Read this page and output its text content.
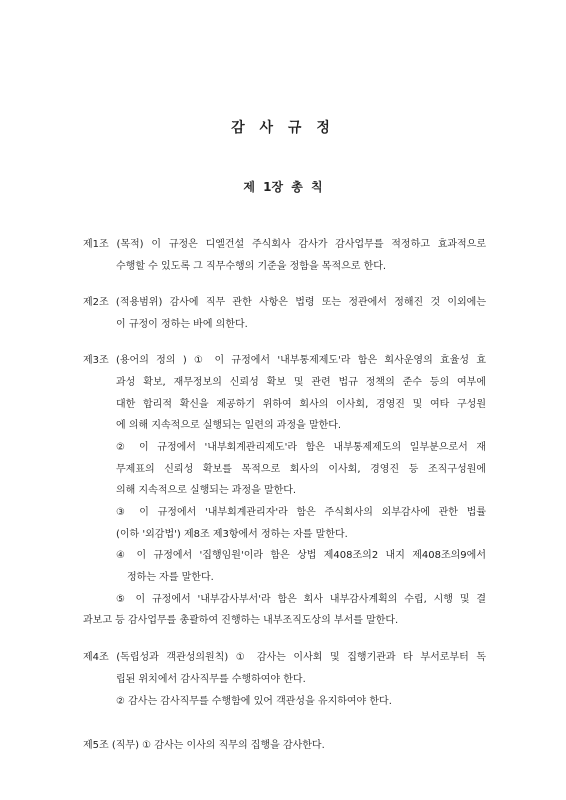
감 사 규 정
제 1장 총 칙
제1조 (목적) 이 규정은 디엘건설 주식회사 감사가 감사업무를 적정하고 효과적으로
수행할 수 있도록 그 직무수행의 기준을 정함을 목적으로 한다.
제2조 (적용범위) 감사에 직무 관한 사항은 법령 또는 정관에서 정해진 것 이외에는
이 규정이 정하는 바에 의한다.
제3조 (용어의 정의 ) ① 이 규정에서 '내부통제제도'라 함은 회사운영의 효율성 효
과성 확보, 재무정보의 신뢰성 확보 및 관련 법규 정책의 준수 등의 여부에
대한 합리적 확신을 제공하기 위하여 회사의 이사회, 경영진 및 여타 구성원
에 의해 지속적으로 실행되는 일련의 과정을 말한다.
② 이 규정에서 '내부회계관리제도'라 함은 내부통제제도의 일부분으로서 재
무제표의 신뢰성 확보를 목적으로 회사의 이사회, 경영진 등 조직구성원에
의해 지속적으로 실행되는 과정을 말한다.
③ 이 규정에서 '내부회계관리자'라 함은 주식회사의 외부감사에 관한 법률
(이하 '외감법') 제8조 제3항에서 정하는 자를 말한다.
④ 이 규정에서 '집행임원'이라 함은 상법 제408조의2 내지 제408조의9에서
정하는 자를 말한다.
⑤ 이 규정에서 '내부감사부서'라 함은 회사 내부감사계획의 수립, 시행 및 결
과보고 등 감사업무를 총괄하여 진행하는 내부조직도상의 부서를 말한다.
제4조 (독립성과 객관성의원칙) ① 감사는 이사회 및 집행기관과 타 부서로부터 독
립된 위치에서 감사직무를 수행하여야 한다.
② 감사는 감사직무를 수행함에 있어 객관성을 유지하여야 한다.
제5조 (직무) ① 감사는 이사의 직무의 집행을 감사한다.
